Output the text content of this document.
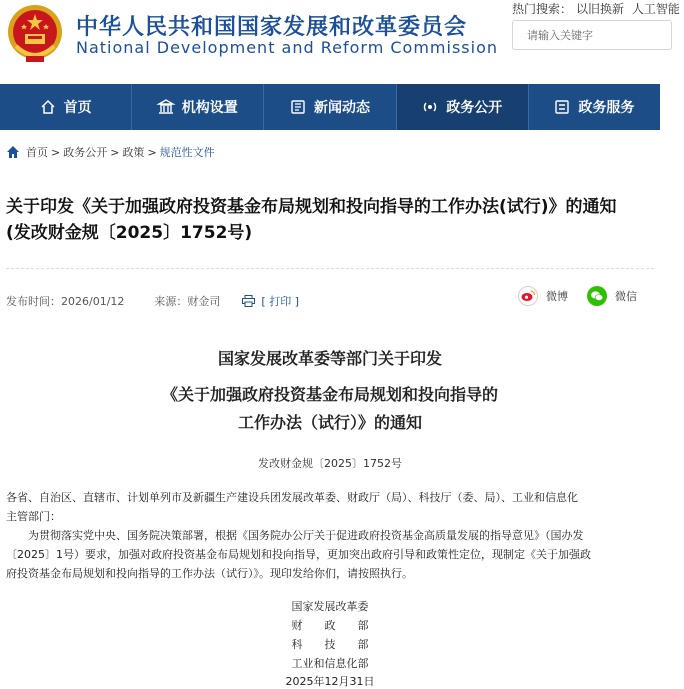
中华人民共和国国家发展和改革委员会
National Development and Reform Commission
热门搜索： 以旧换新 人工智能
请输入关键字
首页	机构设置	新闻动态	政务公开	政务服务
首页 > 政务公开 > 政策 > 规范性文件
关于印发《关于加强政府投资基金布局规划和投向指导的工作办法(试行)》的通知
(发改财金规〔2025〕1752号)
发布时间： 2026/01/12	来源： 财金司	[ 打印 ]	微博	微信
国家发展改革委等部门关于印发
《关于加强政府投资基金布局规划和投向指导的
工作办法（试行）》的通知
发改财金规〔2025〕1752号
各省、自治区、直辖市、计划单列市及新疆生产建设兵团发展改革委、财政厅（局）、科技厅（委、局）、工业和信息化
主管部门：
　　为贯彻落实党中央、国务院决策部署，根据《国务院办公厅关于促进政府投资基金高质量发展的指导意见》（国办发
〔2025〕1号）要求，加强对政府投资基金布局规划和投向指导，更加突出政府引导和政策性定位，现制定《关于加强政
府投资基金布局规划和投向指导的工作办法（试行）》。现印发给你们，请按照执行。
国家发展改革委
财　　政　　部
科　　技　　部
工业和信息化部
2025年12月31日
